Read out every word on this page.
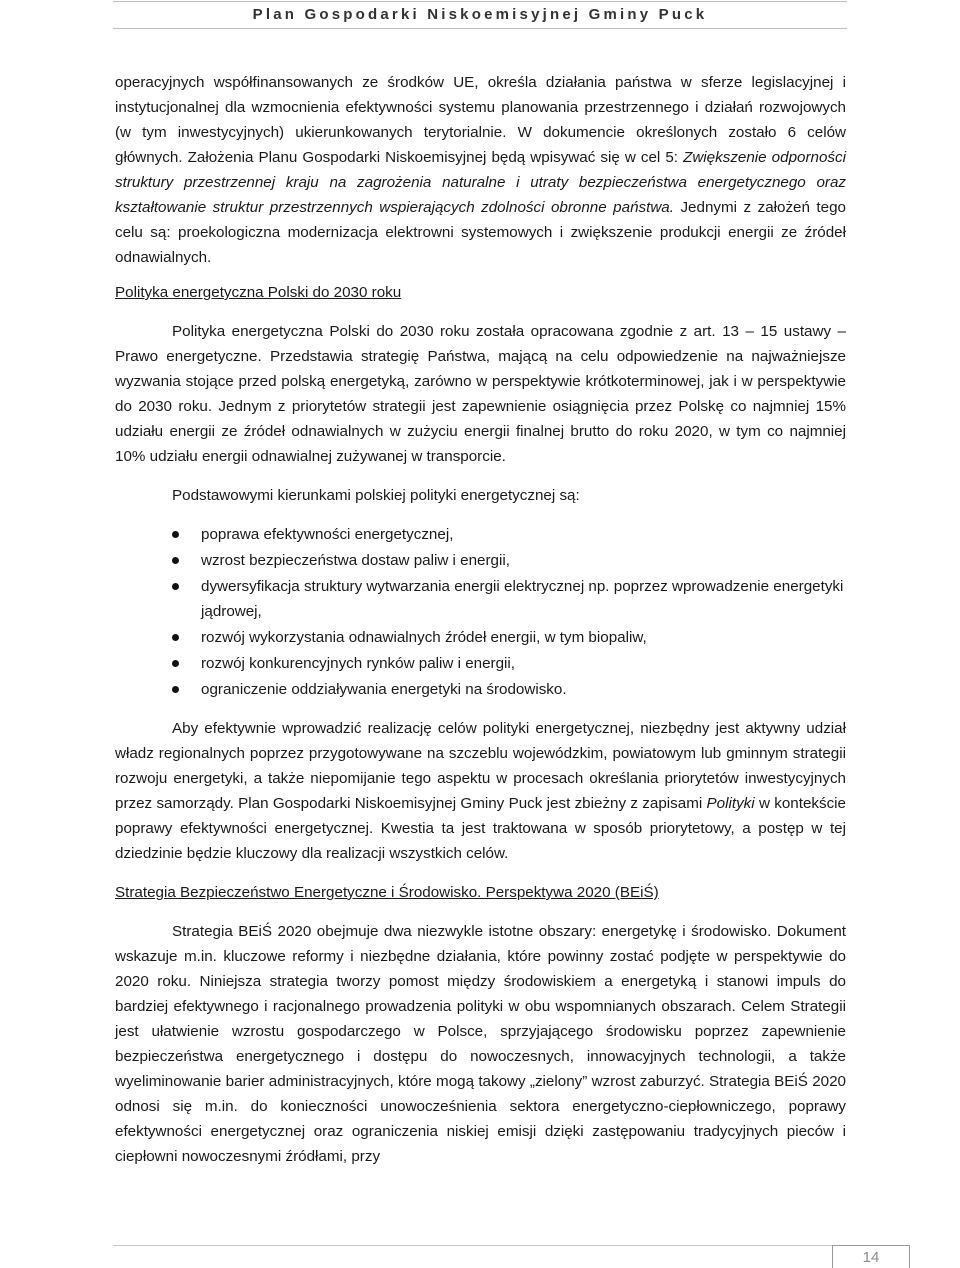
Plan Gospodarki Niskoemisyjnej Gminy Puck

operacyjnych współfinansowanych ze środków UE, określa działania państwa w sferze legislacyjnej i instytucjonalnej dla wzmocnienia efektywności systemu planowania przestrzennego i działań rozwojowych (w tym inwestycyjnych) ukierunkowanych terytorialnie. W dokumencie określonych zostało 6 celów głównych. Założenia Planu Gospodarki Niskoemisyjnej będą wpisywać się w cel 5: Zwiększenie odporności struktury przestrzennej kraju na zagrożenia naturalne i utraty bezpieczeństwa energetycznego oraz kształtowanie struktur przestrzennych wspierających zdolności obronne państwa. Jednymi z założeń tego celu są: proekologiczna modernizacja elektrowni systemowych i zwiększenie produkcji energii ze źródeł odnawialnych.

Polityka energetyczna Polski do 2030 roku

Polityka energetyczna Polski do 2030 roku została opracowana zgodnie z art. 13 – 15 ustawy – Prawo energetyczne. Przedstawia strategię Państwa, mającą na celu odpowiedzenie na najważniejsze wyzwania stojące przed polską energetyką, zarówno w perspektywie krótkoterminowej, jak i w perspektywie do 2030 roku. Jednym z priorytetów strategii jest zapewnienie osiągnięcia przez Polskę co najmniej 15% udziału energii ze źródeł odnawialnych w zużyciu energii finalnej brutto do roku 2020, w tym co najmniej 10% udziału energii odnawialnej zużywanej w transporcie.

Podstawowymi kierunkami polskiej polityki energetycznej są:

poprawa efektywności energetycznej,
wzrost bezpieczeństwa dostaw paliw i energii,
dywersyfikacja struktury wytwarzania energii elektrycznej np. poprzez wprowadzenie energetyki jądrowej,
rozwój wykorzystania odnawialnych źródeł energii, w tym biopaliw,
rozwój konkurencyjnych rynków paliw i energii,
ograniczenie oddziaływania energetyki na środowisko.

Aby efektywnie wprowadzić realizację celów polityki energetycznej, niezbędny jest aktywny udział władz regionalnych poprzez przygotowywane na szczeblu wojewódzkim, powiatowym lub gminnym strategii rozwoju energetyki, a także niepomijanie tego aspektu w procesach określania priorytetów inwestycyjnych przez samorządy. Plan Gospodarki Niskoemisyjnej Gminy Puck jest zbieżny z zapisami Polityki w kontekście poprawy efektywności energetycznej. Kwestia ta jest traktowana w sposób priorytetowy, a postęp w tej dziedzinie będzie kluczowy dla realizacji wszystkich celów.

Strategia Bezpieczeństwo Energetyczne i Środowisko. Perspektywa 2020 (BEiŚ)

Strategia BEiŚ 2020 obejmuje dwa niezwykle istotne obszary: energetykę i środowisko. Dokument wskazuje m.in. kluczowe reformy i niezbędne działania, które powinny zostać podjęte w perspektywie do 2020 roku. Niniejsza strategia tworzy pomost między środowiskiem a energetyką i stanowi impuls do bardziej efektywnego i racjonalnego prowadzenia polityki w obu wspomnianych obszarach. Celem Strategii jest ułatwienie wzrostu gospodarczego w Polsce, sprzyjającego środowisku poprzez zapewnienie bezpieczeństwa energetycznego i dostępu do nowoczesnych, innowacyjnych technologii, a także wyeliminowanie barier administracyjnych, które mogą takowy „zielony” wzrost zaburzyć. Strategia BEiŚ 2020 odnosi się m.in. do konieczności unowocześnienia sektora energetyczno-ciepłowniczego, poprawy efektywności energetycznej oraz ograniczenia niskiej emisji dzięki zastępowaniu tradycyjnych pieców i ciepłowni nowoczesnymi źródłami, przy

14
